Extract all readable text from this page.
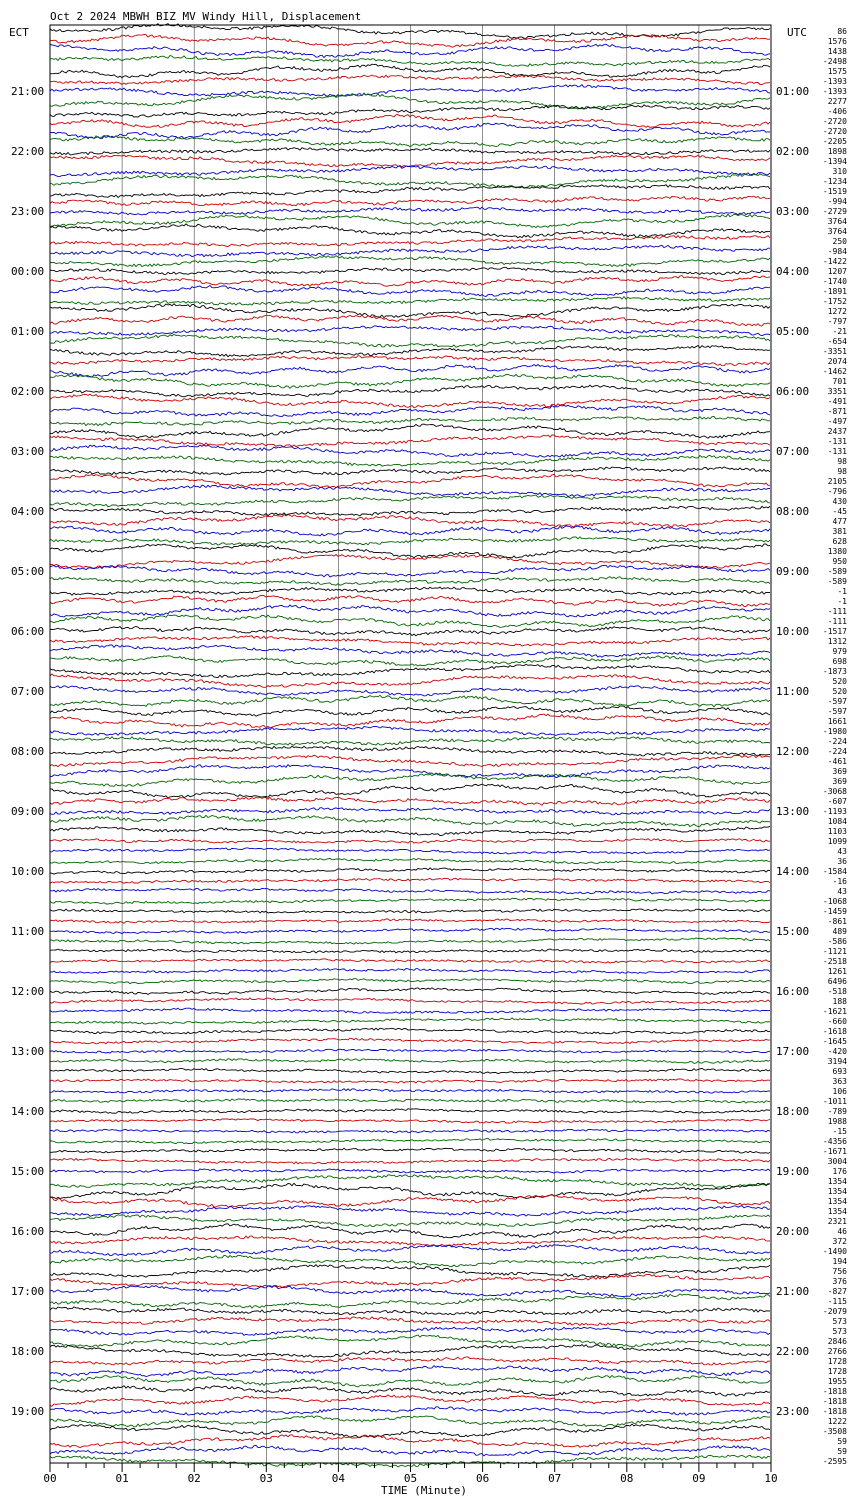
Oct 2 2024 MBWH BIZ MV Windy Hill, Displacement
ECT	UTC
21:00
22:00
23:00
00:00
01:00
02:00
03:00
04:00
05:00
06:00
07:00
08:00
09:00
10:00
11:00
12:00
13:00
14:00
15:00
16:00
17:00
18:00
19:00
01:00
02:00
03:00
04:00
05:00
06:00
07:00
08:00
09:00
10:00
11:00
12:00
13:00
14:00
15:00
16:00
17:00
18:00
19:00
20:00
21:00
22:00
23:00
86
1576
1438
-2498
1575
-1393
-1393
2277
-406
-2720
-2720
-2205
1898
-1394
310
-1234
-1519
-994
-2729
3764
3764
250
-984
-1422
1207
-1740
-1891
-1752
1272
-797
-21
-654
-3351
2074
-1462
701
3351
-491
-871
-497
2437
-131
-131
98
98
2105
-796
430
-45
477
381
628
1380
950
-589
-589
-1
-1
-111
-111
-1517
1312
979
698
-1873
520
520
-597
-597
1661
-1980
-224
-224
-461
369
369
-3068
-607
-1193
1084
1103
1099
43
36
-1584
-16
43
-1068
-1459
-861
489
-586
-1121
-2518
1261
6496
-518
188
-1621
-660
-1618
-1645
-420
3194
693
363
106
-1011
-789
1988
-15
-4356
-1671
3004
176
1354
1354
1354
1354
2321
46
372
-1490
194
756
376
-827
-115
-2079
573
573
2846
2766
1728
1728
1955
-1818
-1818
-1818
1222
-3508
59
59
-2595
00	01	02	03	04	05	06	07	08	09	10
TIME (Minute)
